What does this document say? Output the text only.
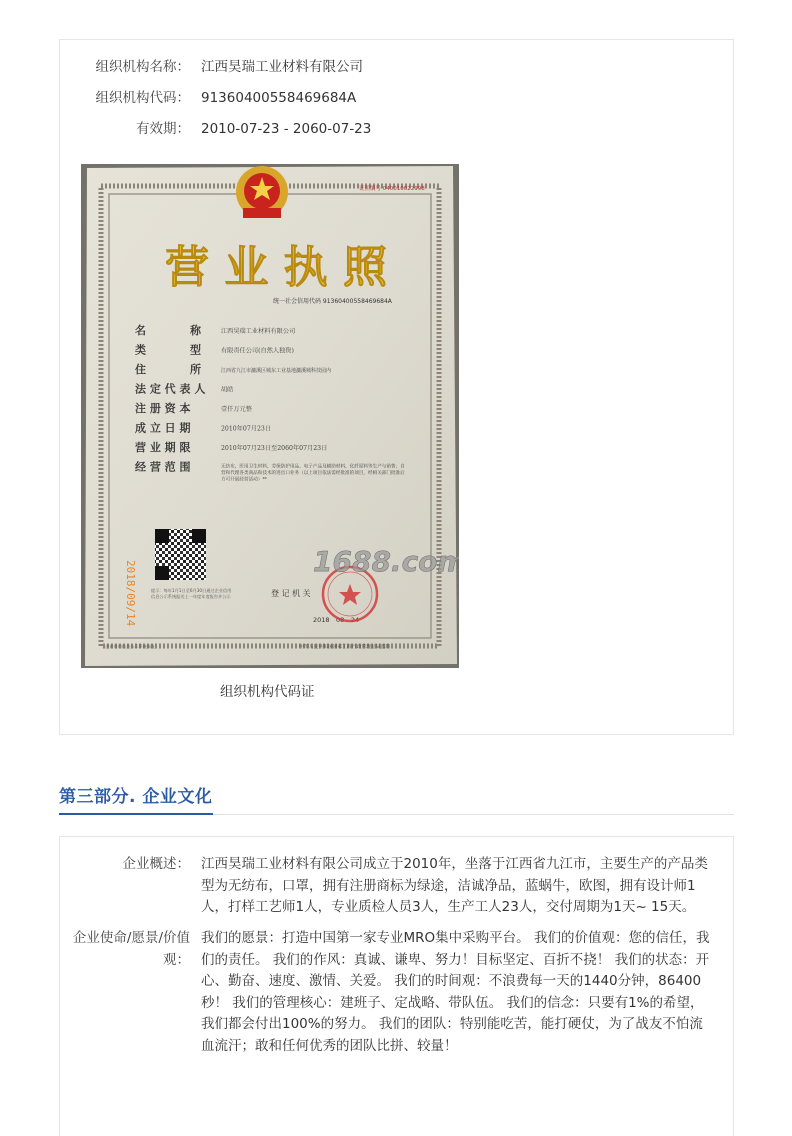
组织机构名称： 江西昊瑞工业材料有限公司
组织机构代码： 91360400558469684A
有效期： 2010-07-23 - 2060-07-23
证照编号 040010022998
营 业 执 照
统一社会信用代码 91360400558469684A
名　　　　称	江西昊瑞工业材料有限公司
类　　　　型	有限责任公司(自然人独资)
住　　　　所	江西省九江市濂溪区城东工业基地濂溪城科技园内
法 定 代 表 人	胡皓
注 册 资 本	壹仟万元整
成 立 日 期	2010年07月23日
营 业 期 限	2010年07月23日至2060年07月23日
经 营 范 围	无纺布、医用卫生材料、劳保防护用品、电子产品及辅助材料、化纤原料等生产与销售；自
营和代理各类商品和技术的进出口业务（以上项目依法需经批准的项目，经相关部门批准后
方可开展经营活动）**
2018/09/14	提示：每年1月1日至6月30日通过企业信用
信息公示系统报送上一年度年度报告并公示	登 记 机 关
2018　08　24
1688.com
中华人民共和国国家工商行政管理总局监制
企业信用信息公示系统网址
组织机构代码证
第三部分. 企业文化
企业概述： 江西昊瑞工业材料有限公司成立于2010年，坐落于江西省九江市，主要生产的产品类
型为无纺布，口罩，拥有注册商标为绿途，洁诚净品，蓝蜗牛，欧图，拥有设计师1
人，打样工艺师1人，专业质检人员3人，生产工人23人，交付周期为1天~ 15天。
企业使命/愿景/价值
观：
我们的愿景：打造中国第一家专业MRO集中采购平台。 我们的价值观：您的信任，我
们的责任。 我们的作风：真诚、谦卑、努力！目标坚定、百折不挠！ 我们的状态：开
心、勤奋、速度、激情、关爱。 我们的时间观：不浪费每一天的1440分钟，86400
秒！ 我们的管理核心：建班子、定战略、带队伍。 我们的信念：只要有1%的希望，
我们都会付出100%的努力。 我们的团队：特别能吃苦，能打硬仗，为了战友不怕流
血流汗；敢和任何优秀的团队比拼、较量！
